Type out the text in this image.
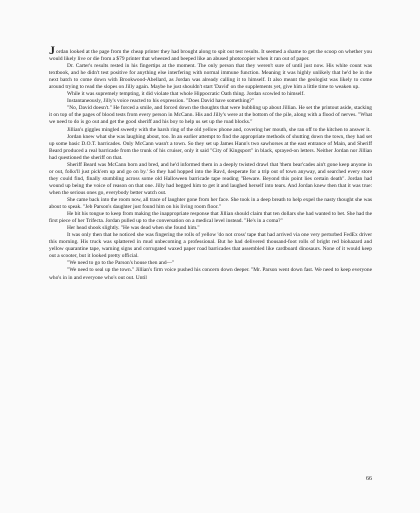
Jordan looked at the page from the cheap printer they had brought along to spit out test results. It seemed a shame to get the scoop on whether you would likely live or die from a $79 printer that wheezed and beeped like an abused photocopier when it ran out of paper.

Dr. Carter's results rested in his fingertips at the moment. The only person that they weren't sure of until just now. His white count was textbook, and he didn't test positive for anything else interfering with normal immune function. Meaning it was highly unlikely that he'd be in the next batch to come down with Brookwood-Abellard, as Jordan was already calling it to himself. It also meant the geologist was likely to come around trying to read the slopes on Jilly again. Maybe he just shouldn't start 'David' on the supplements yet, give him a little time to weaken up.

While it was supremely tempting, it did violate that whole Hippocratic Oath thing. Jordan scowled to himself.

Instantaneously, Jilly's voice reacted to his expression. "Does David have something?"

"No, David doesn't." He forced a smile, and forced down the thoughts that were bubbling up about Jillian. He set the printout aside, stacking it on top of the pages of blood tests from every person in McCann. His and Jilly's were at the bottom of the pile, along with a flood of nerves. "What we need to do is go out and get the good sheriff and his boy to help us set up the road blocks."

Jillian's giggles mingled sweetly with the harsh ring of the old yellow phone and, covering her mouth, she ran off to the kitchen to answer it.

Jordan knew what she was laughing about, too. In an earlier attempt to find the appropriate methods of shutting down the town, they had set up some basic D.O.T. barricades. Only McCann wasn't a town. So they set up James Hann's two sawhorses at the east entrance of Main, and Sheriff Beard produced a real barricade from the trunk of his cruiser, only it said "City of Kingsport" in black, sprayed-on letters. Neither Jordan nor Jillian had questioned the sheriff on that.

Sheriff Beard was McCann born and bred, and he'd informed them in a deeply twisted drawl that 'them bear'cades ain't gone keep anyone in or out, folks'll just pick'em up and go on by.' So they had hopped into the Rav4, desperate for a trip out of town anyway, and searched every store they could find, finally stumbling across some old Halloween barricade tape reading "Beware. Beyond this point lies certain death". Jordan had wound up being the voice of reason on that one. Jilly had begged him to get it and laughed herself into tears. And Jordan knew then that it was true: when the serious ones go, everybody better watch out.

She came back into the room now, all trace of laughter gone from her face. She took in a deep breath to help expel the nasty thought she was about to speak. "Jeb Parson's daughter just found him on his living room floor."

He bit his tongue to keep from making the inappropriate response that Jillian should claim that ten dollars she had wanted to bet. She had the first piece of her Trifecta. Jordan pulled up to the conversation on a medical level instead. "He's in a coma?"

Her head shook slightly. "He was dead when she found him."

It was only then that he noticed she was fingering the rolls of yellow 'do not cross' tape that had arrived via one very perturbed FedEx driver this morning. His truck was splattered in mud unbecoming a professional. But he had delivered thousand-foot rolls of bright red biohazard and yellow quarantine tape, warning signs and corrugated waxed paper road barricades that assembled like cardboard dinosaurs. None of it would keep out a scooter, but it looked pretty official.

"We need to go to the Parson's house then and—"

"We need to seal up the town." Jillian's firm voice pushed his concern down deeper. "Mr. Parson went down fast. We need to keep everyone who's in in and everyone who's out out. Until

66
